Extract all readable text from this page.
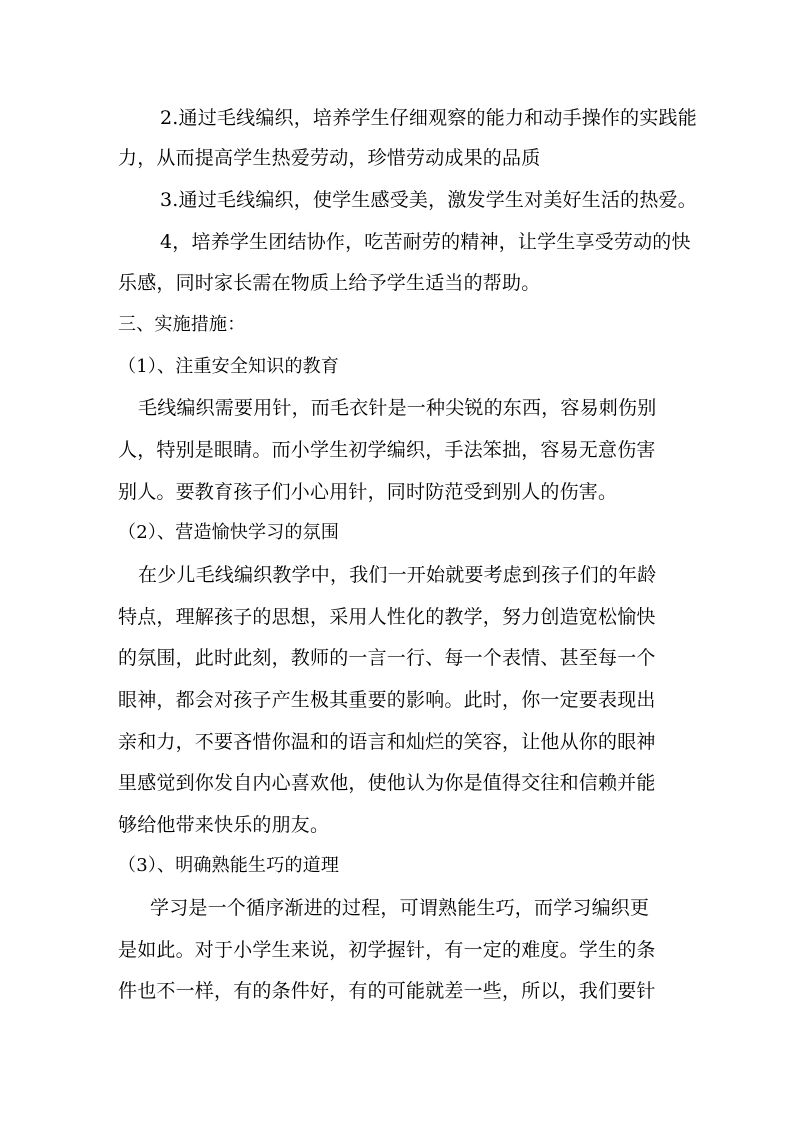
2.通过毛线编织，培养学生仔细观察的能力和动手操作的实践能
力，从而提高学生热爱劳动，珍惜劳动成果的品质
3.通过毛线编织，使学生感受美，激发学生对美好生活的热爱。
4，培养学生团结协作，吃苦耐劳的精神，让学生享受劳动的快
乐感，同时家长需在物质上给予学生适当的帮助。
三、实施措施：
（1）、注重安全知识的教育
毛线编织需要用针，而毛衣针是一种尖锐的东西，容易刺伤别
人，特别是眼睛。而小学生初学编织，手法笨拙，容易无意伤害
别人。要教育孩子们小心用针，同时防范受到别人的伤害。
（2）、营造愉快学习的氛围
在少儿毛线编织教学中，我们一开始就要考虑到孩子们的年龄
特点，理解孩子的思想，采用人性化的教学，努力创造宽松愉快
的氛围，此时此刻，教师的一言一行、每一个表情、甚至每一个
眼神，都会对孩子产生极其重要的影响。此时，你一定要表现出
亲和力，不要吝惜你温和的语言和灿烂的笑容，让他从你的眼神
里感觉到你发自内心喜欢他，使他认为你是值得交往和信赖并能
够给他带来快乐的朋友。
（3）、明确熟能生巧的道理
学习是一个循序渐进的过程，可谓熟能生巧，而学习编织更
是如此。对于小学生来说，初学握针，有一定的难度。学生的条
件也不一样，有的条件好，有的可能就差一些，所以，我们要针
